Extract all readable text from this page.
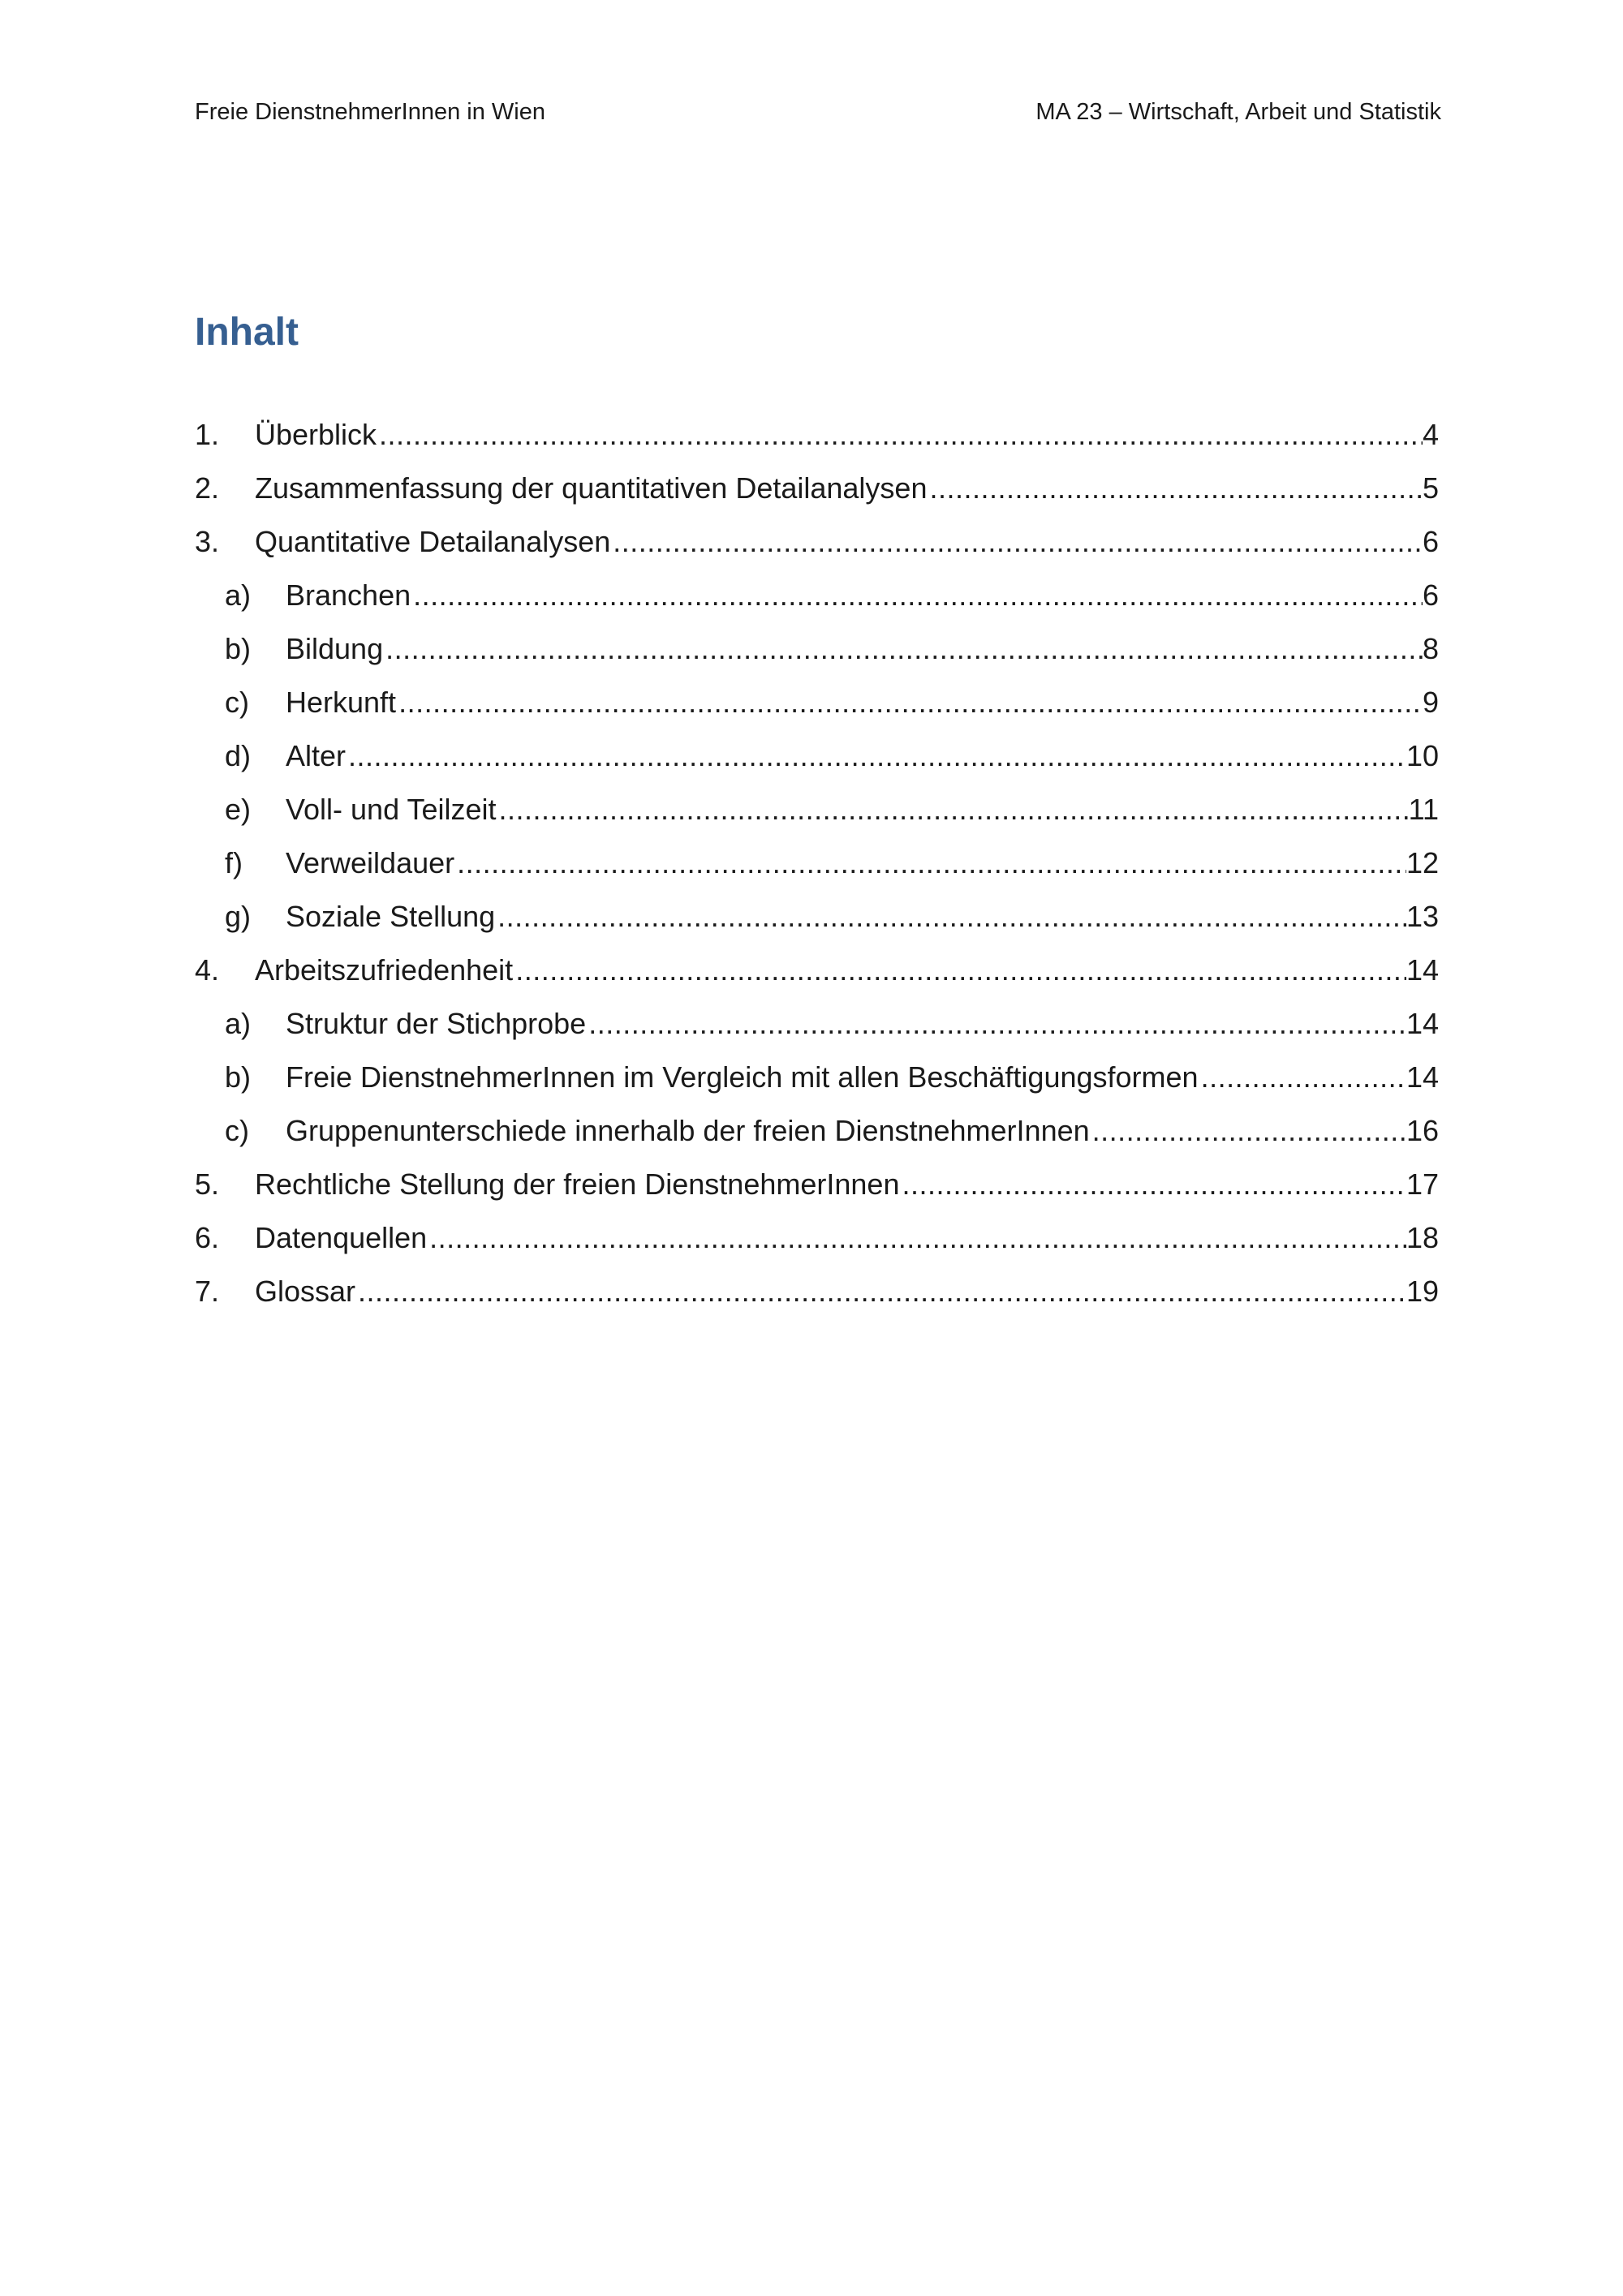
Freie DienstnehmerInnen in Wien	MA 23 – Wirtschaft, Arbeit und Statistik
Inhalt
1.	Überblick .....	4
2.	Zusammenfassung der quantitativen Detailanalysen .....	5
3.	Quantitative Detailanalysen .....	6
a)	Branchen .....	6
b)	Bildung .....	8
c)	Herkunft .....	9
d)	Alter .....	10
e)	Voll- und Teilzeit .....	11
f)	Verweildauer .....	12
g)	Soziale Stellung .....	13
4.	Arbeitszufriedenheit .....	14
a)	Struktur der Stichprobe .....	14
b)	Freie DienstnehmerInnen im Vergleich mit allen Beschäftigungsformen .....	14
c)	Gruppenunterschiede innerhalb der freien DienstnehmerInnen .....	16
5.	Rechtliche Stellung der freien DienstnehmerInnen .....	17
6.	Datenquellen .....	18
7.	Glossar .....	19
